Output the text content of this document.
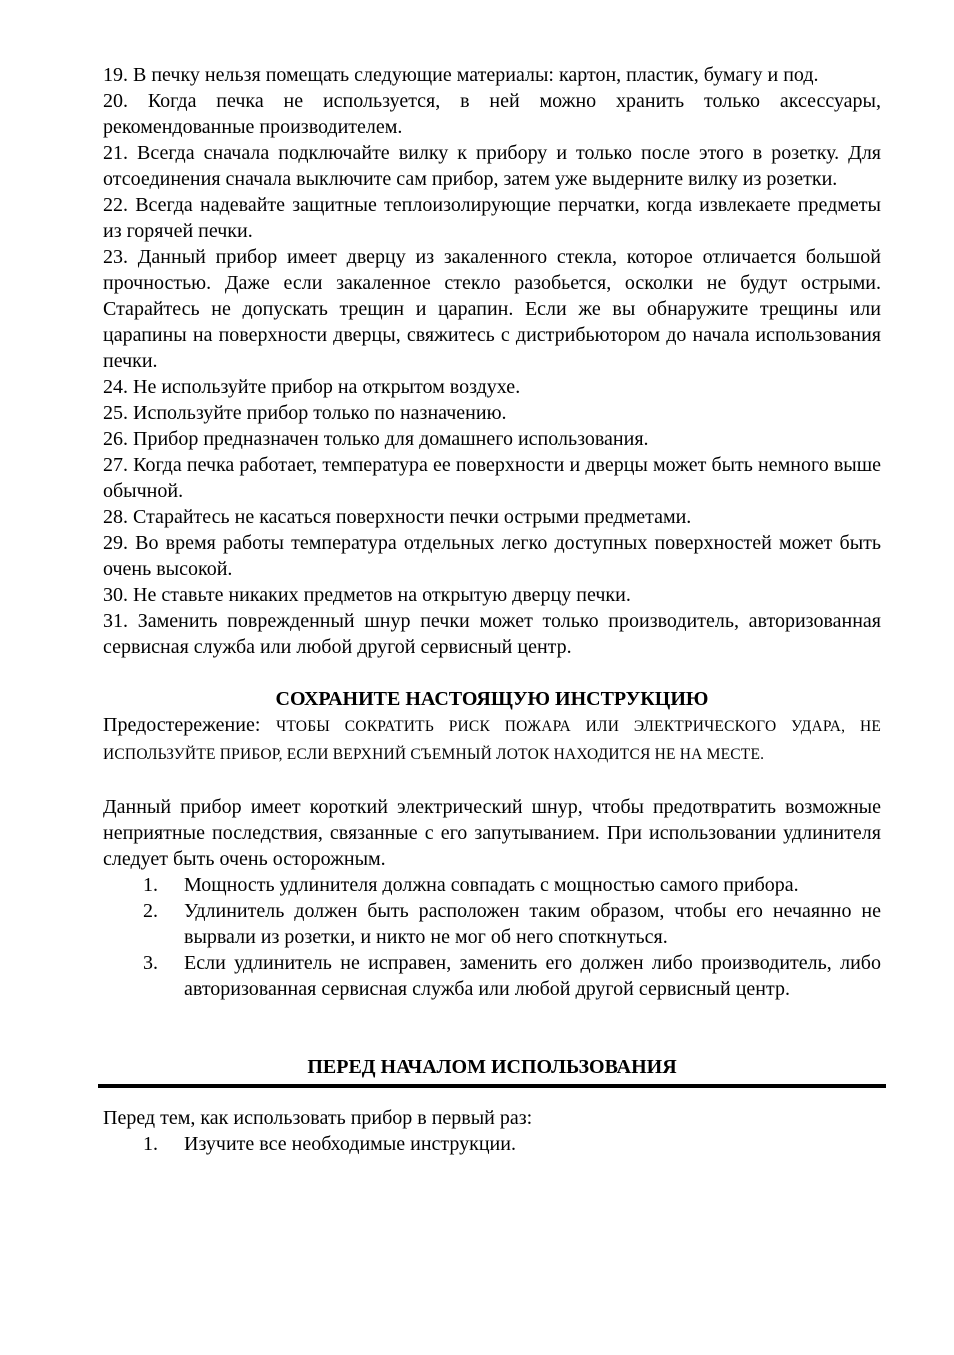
19. В печку нельзя помещать следующие материалы: картон, пластик, бумагу и под.

20. Когда печка не используется, в ней можно хранить только аксессуары, рекомендованные производителем.

21. Всегда сначала подключайте вилку к прибору и только после этого в розетку. Для отсоединения сначала выключите сам прибор, затем уже выдерните вилку из розетки.

22. Всегда надевайте защитные теплоизолирующие перчатки, когда извлекаете предметы из горячей печки.

23. Данный прибор имеет дверцу из закаленного стекла, которое отличается большой прочностью. Даже если закаленное стекло разобьется, осколки не будут острыми. Старайтесь не допускать трещин и царапин. Если же вы обнаружите трещины или царапины на поверхности дверцы, свяжитесь с дистрибьютором до начала использования печки.

24. Не используйте прибор на открытом воздухе.

25. Используйте прибор только по назначению.

26. Прибор предназначен только для домашнего использования.

27. Когда печка работает, температура ее поверхности и дверцы может быть немного выше обычной.

28. Старайтесь не касаться поверхности печки острыми предметами.

29. Во время работы температура отдельных легко доступных поверхностей может быть очень высокой.

30. Не ставьте никаких предметов на открытую дверцу печки.

31. Заменить поврежденный шнур печки может только производитель, авторизованная сервисная служба или любой другой сервисный центр.

СОХРАНИТЕ НАСТОЯЩУЮ ИНСТРУКЦИЮ

Предостережение: ЧТОБЫ СОКРАТИТЬ РИСК ПОЖАРА ИЛИ ЭЛЕКТРИЧЕСКОГО УДАРА, НЕ ИСПОЛЬЗУЙТЕ ПРИБОР, ЕСЛИ ВЕРХНИЙ СЪЕМНЫЙ ЛОТОК НАХОДИТСЯ НЕ НА МЕСТЕ.

Данный прибор имеет короткий электрический шнур, чтобы предотвратить возможные неприятные последствия, связанные с его запутыванием. При использовании удлинителя следует быть очень осторожным.

1. Мощность удлинителя должна совпадать с мощностью самого прибора.
2. Удлинитель должен быть расположен таким образом, чтобы его нечаянно не вырвали из розетки, и никто не мог об него споткнуться.
3. Если удлинитель не исправен, заменить его должен либо производитель, либо авторизованная сервисная служба или любой другой сервисный центр.
ПЕРЕД НАЧАЛОМ ИСПОЛЬЗОВАНИЯ

Перед тем, как использовать прибор в первый раз:

1. Изучите все необходимые инструкции.
